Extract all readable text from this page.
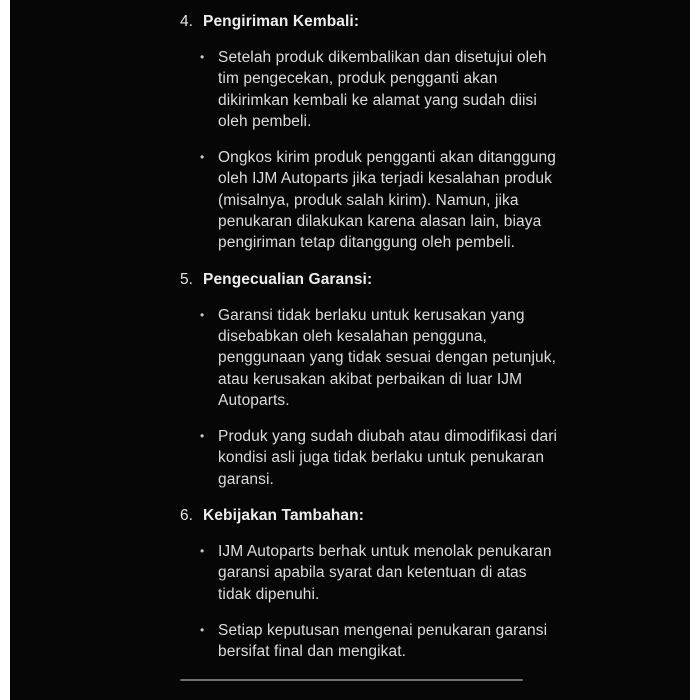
4. Pengiriman Kembali:
• Setelah produk dikembalikan dan disetujui oleh tim pengecekan, produk pengganti akan dikirimkan kembali ke alamat yang sudah diisi oleh pembeli.
• Ongkos kirim produk pengganti akan ditanggung oleh IJM Autoparts jika terjadi kesalahan produk (misalnya, produk salah kirim). Namun, jika penukaran dilakukan karena alasan lain, biaya pengiriman tetap ditanggung oleh pembeli.
5. Pengecualian Garansi:
• Garansi tidak berlaku untuk kerusakan yang disebabkan oleh kesalahan pengguna, penggunaan yang tidak sesuai dengan petunjuk, atau kerusakan akibat perbaikan di luar IJM Autoparts.
• Produk yang sudah diubah atau dimodifikasi dari kondisi asli juga tidak berlaku untuk penukaran garansi.
6. Kebijakan Tambahan:
• IJM Autoparts berhak untuk menolak penukaran garansi apabila syarat dan ketentuan di atas tidak dipenuhi.
• Setiap keputusan mengenai penukaran garansi bersifat final dan mengikat.
